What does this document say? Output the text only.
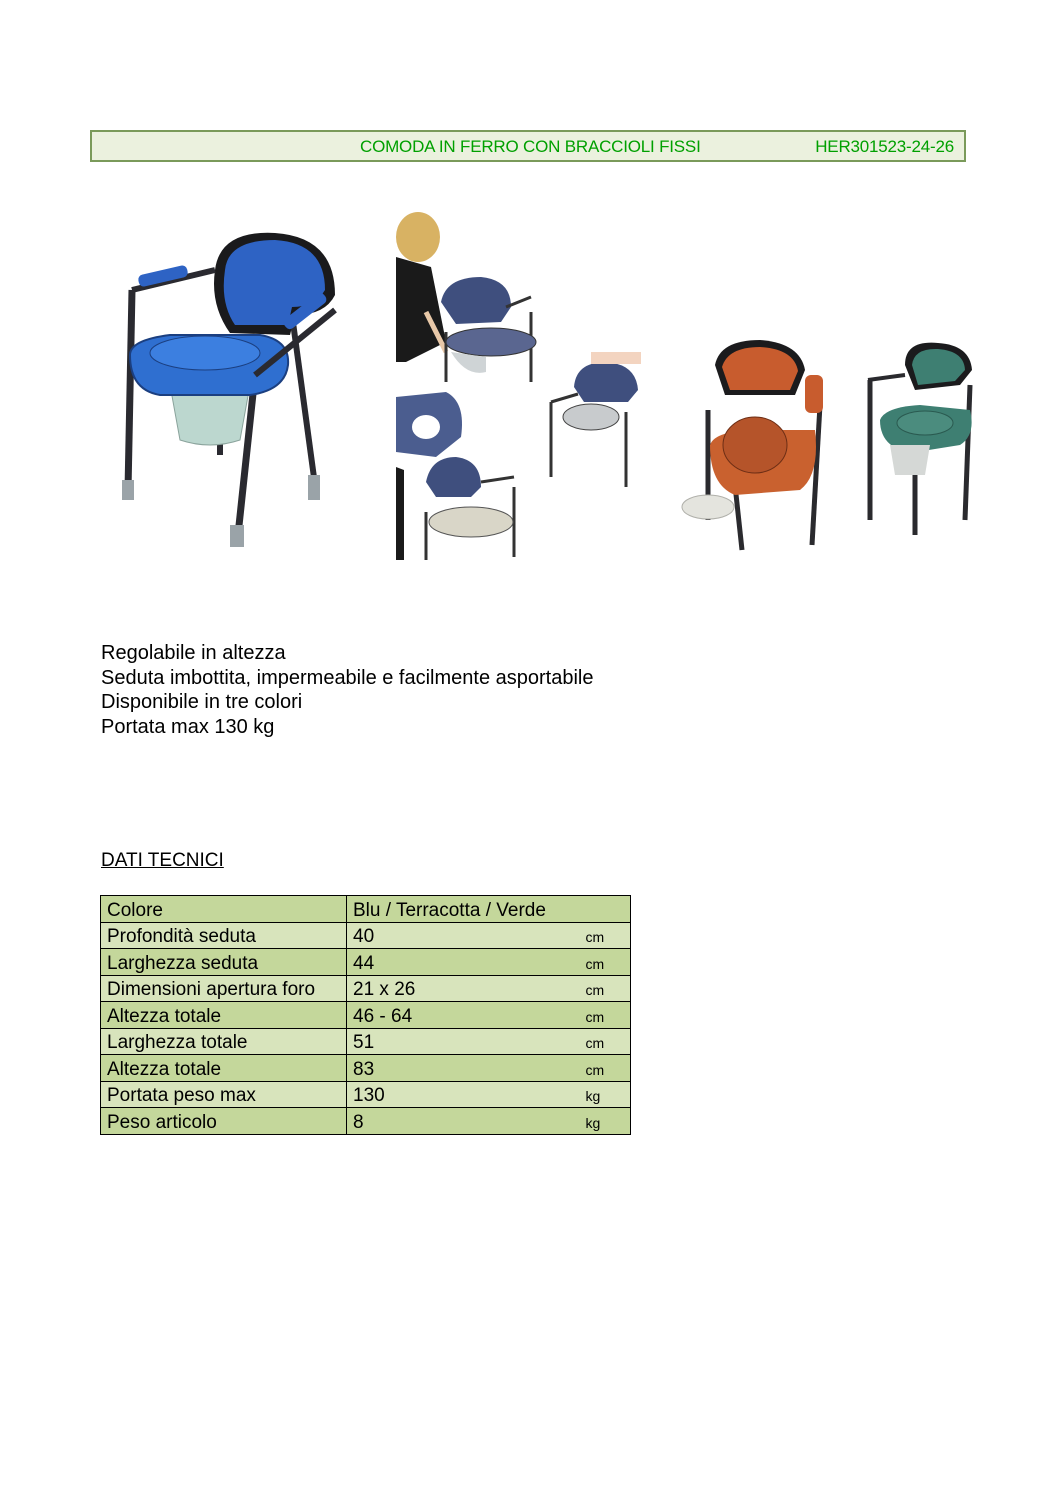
COMODA IN FERRO CON BRACCIOLI FISSI	HER301523-24-26
Regolabile in altezza
Seduta imbottita, impermeabile e facilmente asportabile
Disponibile in tre colori
Portata max 130 kg
DATI TECNICI
Colore	Blu / Terracotta / Verde	
Profondità seduta	40	cm
Larghezza seduta	44	cm
Dimensioni apertura foro	21 x 26	cm
Altezza totale	46 - 64	cm
Larghezza totale	51	cm
Altezza totale	83	cm
Portata peso max	130	kg
Peso articolo	8	kg
